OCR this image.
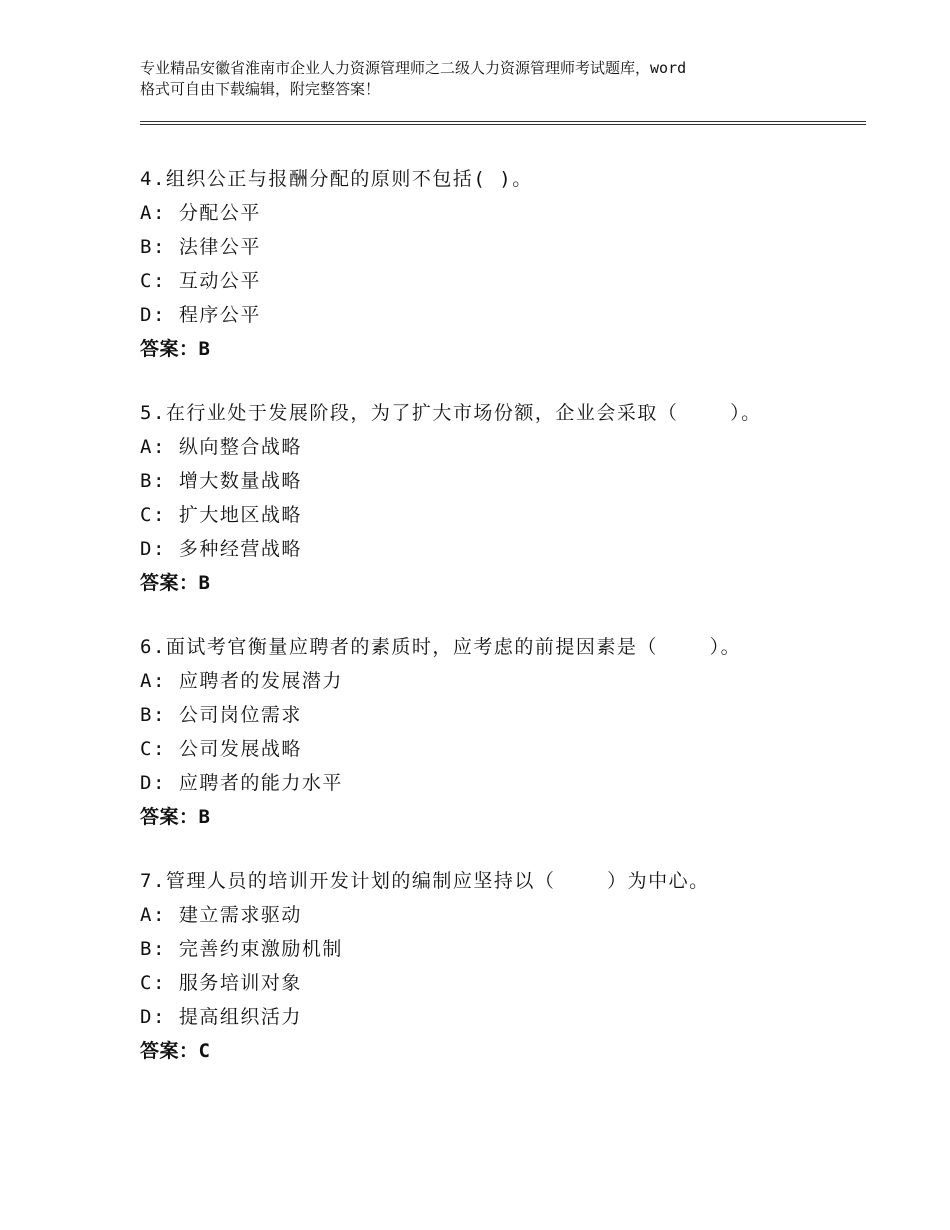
专业精品安徽省淮南市企业人力资源管理师之二级人力资源管理师考试题库，word
格式可自由下载编辑，附完整答案！
4.组织公正与报酬分配的原则不包括( )。
A: 分配公平
B: 法律公平
C: 互动公平
D: 程序公平
答案：B
5.在行业处于发展阶段，为了扩大市场份额，企业会采取（    ）。
A: 纵向整合战略
B: 增大数量战略
C: 扩大地区战略
D: 多种经营战略
答案：B
6.面试考官衡量应聘者的素质时，应考虑的前提因素是（    ）。
A: 应聘者的发展潜力
B: 公司岗位需求
C: 公司发展战略
D: 应聘者的能力水平
答案：B
7.管理人员的培训开发计划的编制应坚持以（    ）为中心。
A: 建立需求驱动
B: 完善约束激励机制
C: 服务培训对象
D: 提高组织活力
答案：C
